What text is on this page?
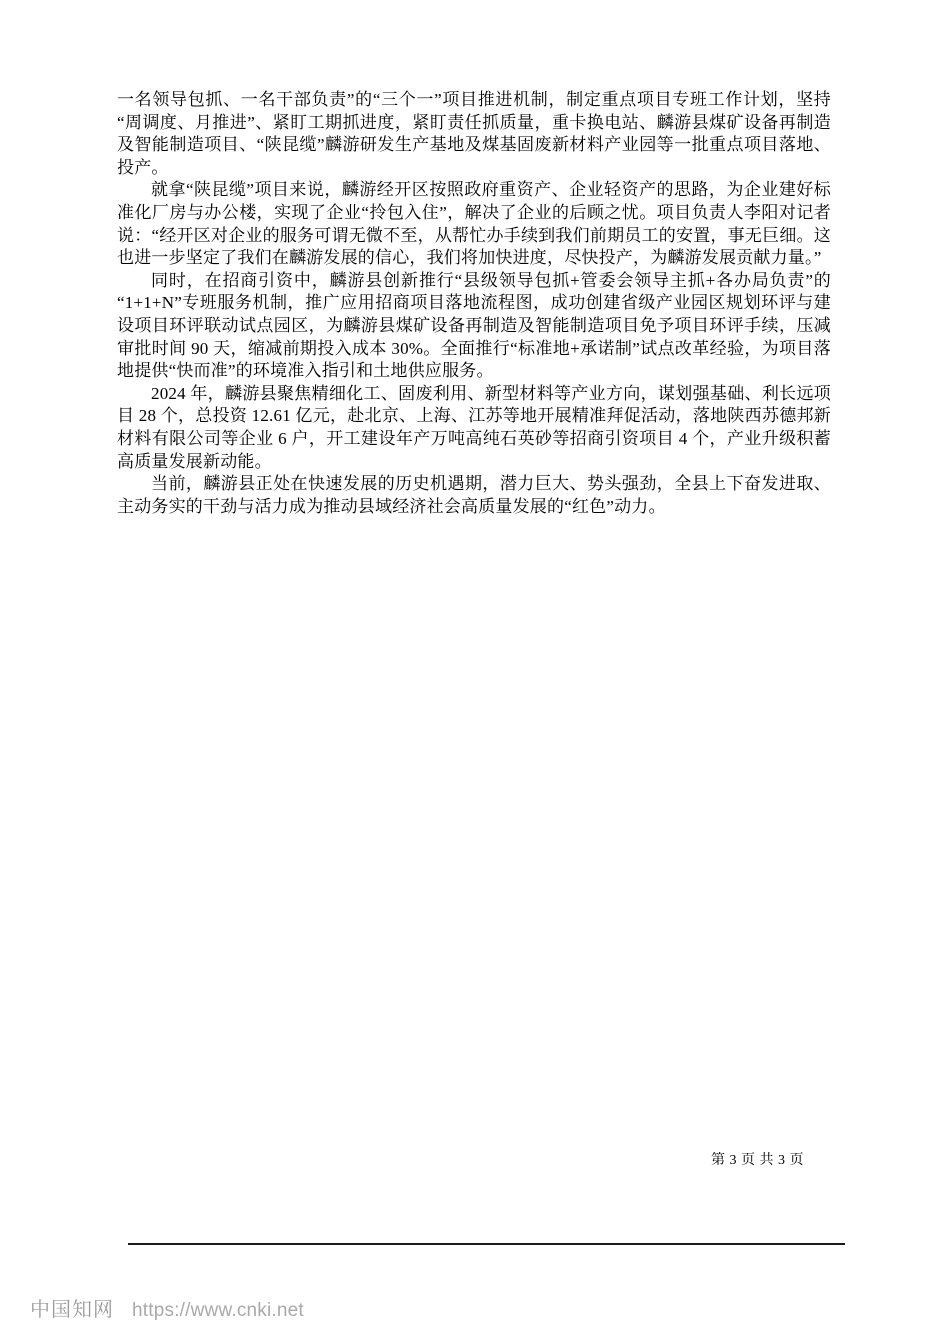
一名领导包抓、一名干部负责”的“三个一”项目推进机制，制定重点项目专班工作计划，坚持“周调度、月推进”、紧盯工期抓进度，紧盯责任抓质量，重卡换电站、麟游县煤矿设备再制造及智能制造项目、“陕昆缆”麟游研发生产基地及煤基固废新材料产业园等一批重点项目落地、投产。

就拿“陕昆缆”项目来说，麟游经开区按照政府重资产、企业轻资产的思路，为企业建好标准化厂房与办公楼，实现了企业“拎包入住”，解决了企业的后顾之忧。项目负责人李阳对记者说：“经开区对企业的服务可谓无微不至，从帮忙办手续到我们前期员工的安置，事无巨细。这也进一步坚定了我们在麟游发展的信心，我们将加快进度，尽快投产，为麟游发展贡献力量。”

同时，在招商引资中，麟游县创新推行“县级领导包抓+管委会领导主抓+各办局负责”的“1+1+N”专班服务机制，推广应用招商项目落地流程图，成功创建省级产业园区规划环评与建设项目环评联动试点园区，为麟游县煤矿设备再制造及智能制造项目免予项目环评手续，压减审批时间 90 天，缩减前期投入成本 30%。全面推行“标准地+承诺制”试点改革经验，为项目落地提供“快而准”的环境准入指引和土地供应服务。

2024 年，麟游县聚焦精细化工、固废利用、新型材料等产业方向，谋划强基础、利长远项目 28 个，总投资 12.61 亿元，赴北京、上海、江苏等地开展精准拜促活动，落地陕西苏德邦新材料有限公司等企业 6 户，开工建设年产万吨高纯石英砂等招商引资项目 4 个，产业升级积蓄高质量发展新动能。

当前，麟游县正处在快速发展的历史机遇期，潜力巨大、势头强劲，全县上下奋发进取、主动务实的干劲与活力成为推动县域经济社会高质量发展的“红色”动力。

第 3 页 共 3 页
中国知网 https://www.cnki.net
